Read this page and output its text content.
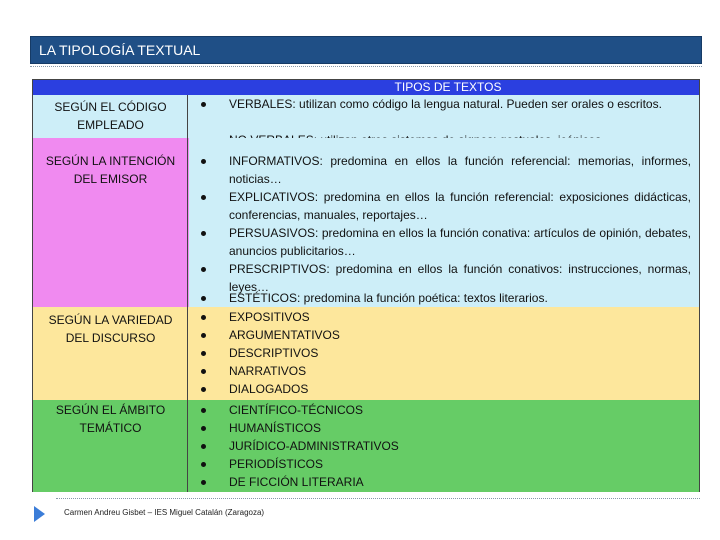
LA TIPOLOGÍA TEXTUAL
TIPOS DE TEXTOS
SEGÚN EL CÓDIGO EMPLEADO
VERBALES: utilizan como código la lengua natural. Pueden ser orales o escritos.
SEGÚN LA INTENCIÓN DEL EMISOR
INFORMATIVOS: predomina en ellos la función referencial: memorias, informes, noticias…
EXPLICATIVOS: predomina en ellos la función referencial: exposiciones didácticas, conferencias, manuales, reportajes…
PERSUASIVOS: predomina en ellos la función conativa: artículos de opinión, debates, anuncios publicitarios…
PRESCRIPTIVOS: predomina en ellos la función conativos: instrucciones, normas, leyes…
ESTÉTICOS: predomina la función poética: textos literarios.
SEGÚN LA VARIEDAD DEL DISCURSO
EXPOSITIVOS
ARGUMENTATIVOS
DESCRIPTIVOS
NARRATIVOS
DIALOGADOS
SEGÚN EL ÁMBITO TEMÁTICO
CIENTÍFICO-TÉCNICOS
HUMANÍSTICOS
JURÍDICO-ADMINISTRATIVOS
PERIODÍSTICOS
DE FICCIÓN LITERARIA
Carmen Andreu Gisbet – IES Miguel Catalán (Zaragoza)
